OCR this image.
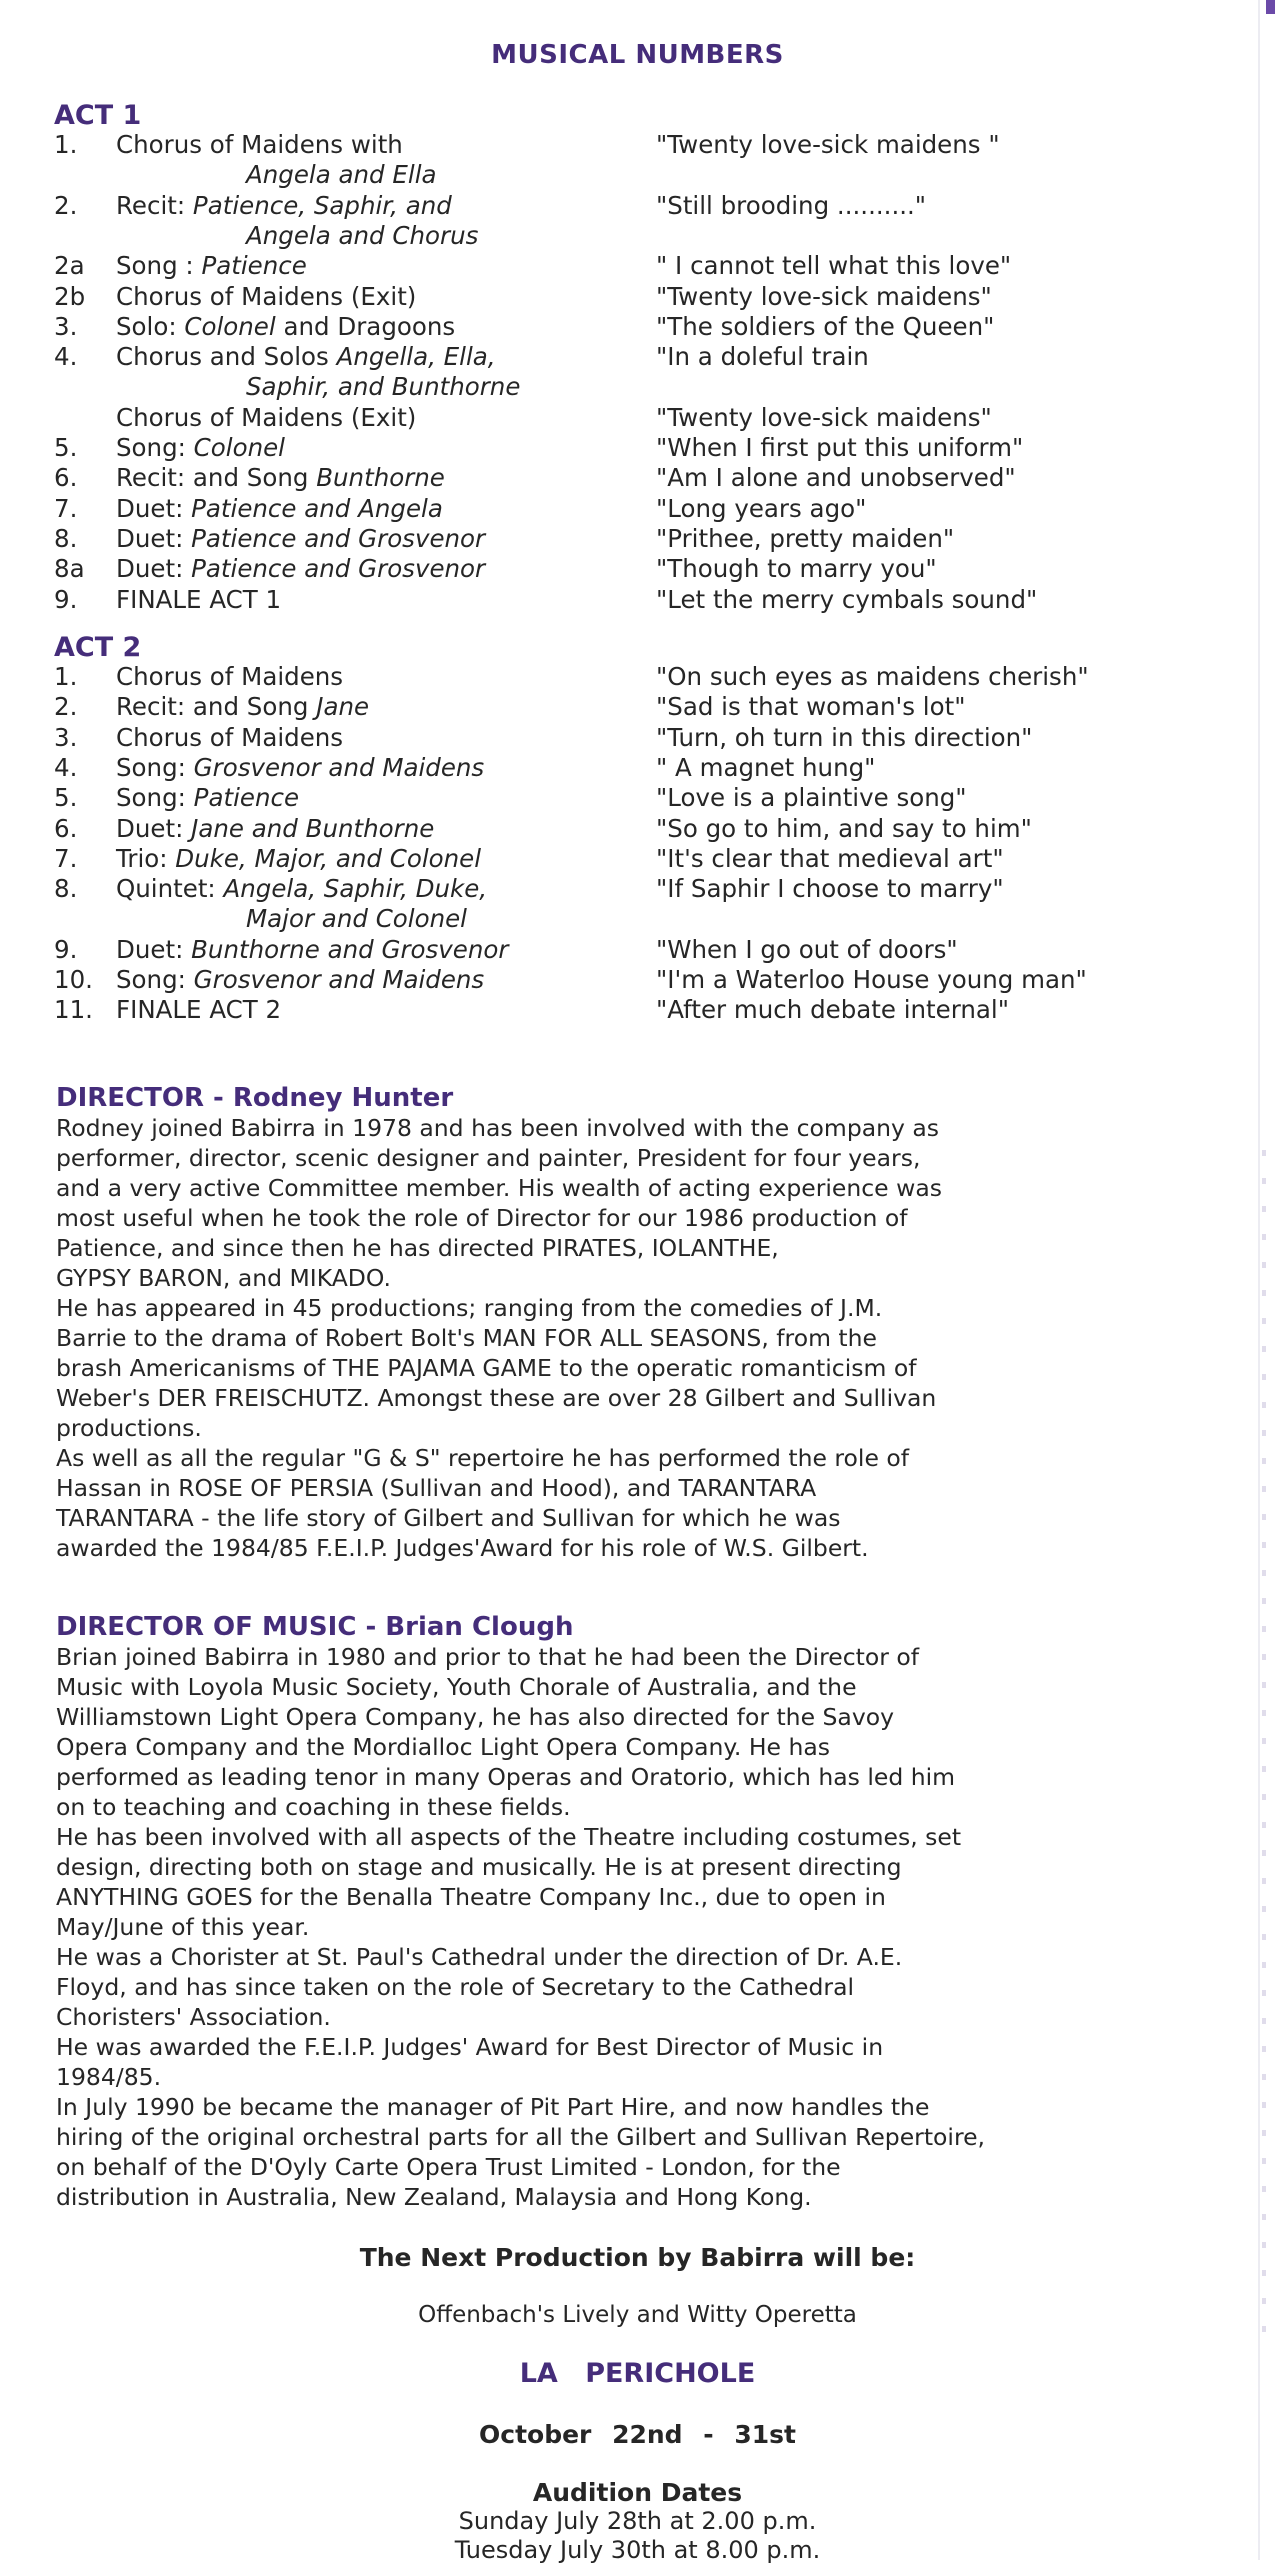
MUSICAL NUMBERS
ACT 1
1.	Chorus of Maidens with	"Twenty love-sick maidens "
Angela and Ella
2.	Recit: Patience, Saphir, and	"Still brooding .........."
Angela and Chorus
2a	Song : Patience	" I cannot tell what this love"
2b	Chorus of Maidens (Exit)	"Twenty love-sick maidens"
3.	Solo: Colonel and Dragoons	"The soldiers of the Queen"
4.	Chorus and Solos Angella, Ella,	"In a doleful train
Saphir, and Bunthorne
Chorus of Maidens (Exit)	"Twenty love-sick maidens"
5.	Song: Colonel	"When I first put this uniform"
6.	Recit: and Song Bunthorne	"Am I alone and unobserved"
7.	Duet: Patience and Angela	"Long years ago"
8.	Duet: Patience and Grosvenor	"Prithee, pretty maiden"
8a	Duet: Patience and Grosvenor	"Though to marry you"
9.	FINALE ACT 1	"Let the merry cymbals sound"
ACT 2
1.	Chorus of Maidens	"On such eyes as maidens cherish"
2.	Recit: and Song Jane	"Sad is that woman's lot"
3.	Chorus of Maidens	"Turn, oh turn in this direction"
4.	Song: Grosvenor and Maidens	" A magnet hung"
5.	Song: Patience	"Love is a plaintive song"
6.	Duet: Jane and Bunthorne	"So go to him, and say to him"
7.	Trio: Duke, Major, and Colonel	"It's clear that medieval art"
8.	Quintet: Angela, Saphir, Duke,	"If Saphir I choose to marry"
Major and Colonel
9.	Duet: Bunthorne and Grosvenor	"When I go out of doors"
10. Song: Grosvenor and Maidens	"I'm a Waterloo House young man"
11. FINALE ACT 2	"After much debate internal"
DIRECTOR - Rodney Hunter
Rodney joined Babirra in 1978 and has been involved with the company as
performer, director, scenic designer and painter, President for four years,
and a very active Committee member. His wealth of acting experience was
most useful when he took the role of Director for our 1986 production of
Patience, and since then he has directed PIRATES, IOLANTHE,
GYPSY BARON, and MIKADO.
He has appeared in 45 productions; ranging from the comedies of J.M.
Barrie to the drama of Robert Bolt's MAN FOR ALL SEASONS, from the
brash Americanisms of THE PAJAMA GAME to the operatic romanticism of
Weber's DER FREISCHUTZ. Amongst these are over 28 Gilbert and Sullivan
productions.
As well as all the regular "G & S" repertoire he has performed the role of
Hassan in ROSE OF PERSIA (Sullivan and Hood), and TARANTARA
TARANTARA - the life story of Gilbert and Sullivan for which he was
awarded the 1984/85 F.E.I.P. Judges'Award for his role of W.S. Gilbert.
DIRECTOR OF MUSIC - Brian Clough
Brian joined Babirra in 1980 and prior to that he had been the Director of
Music with Loyola Music Society, Youth Chorale of Australia, and the
Williamstown Light Opera Company, he has also directed for the Savoy
Opera Company and the Mordialloc Light Opera Company. He has
performed as leading tenor in many Operas and Oratorio, which has led him
on to teaching and coaching in these fields.
He has been involved with all aspects of the Theatre including costumes, set
design, directing both on stage and musically. He is at present directing
ANYTHING GOES for the Benalla Theatre Company Inc., due to open in
May/June of this year.
He was a Chorister at St. Paul's Cathedral under the direction of Dr. A.E.
Floyd, and has since taken on the role of Secretary to the Cathedral
Choristers' Association.
He was awarded the F.E.I.P. Judges' Award for Best Director of Music in
1984/85.
In July 1990 be became the manager of Pit Part Hire, and now handles the
hiring of the original orchestral parts for all the Gilbert and Sullivan Repertoire,
on behalf of the D'Oyly Carte Opera Trust Limited - London, for the
distribution in Australia, New Zealand, Malaysia and Hong Kong.
The Next Production by Babirra will be:
Offenbach's Lively and Witty Operetta
LA PERICHOLE
October 22nd - 31st
Audition Dates
Sunday July 28th at 2.00 p.m.
Tuesday July 30th at 8.00 p.m.
